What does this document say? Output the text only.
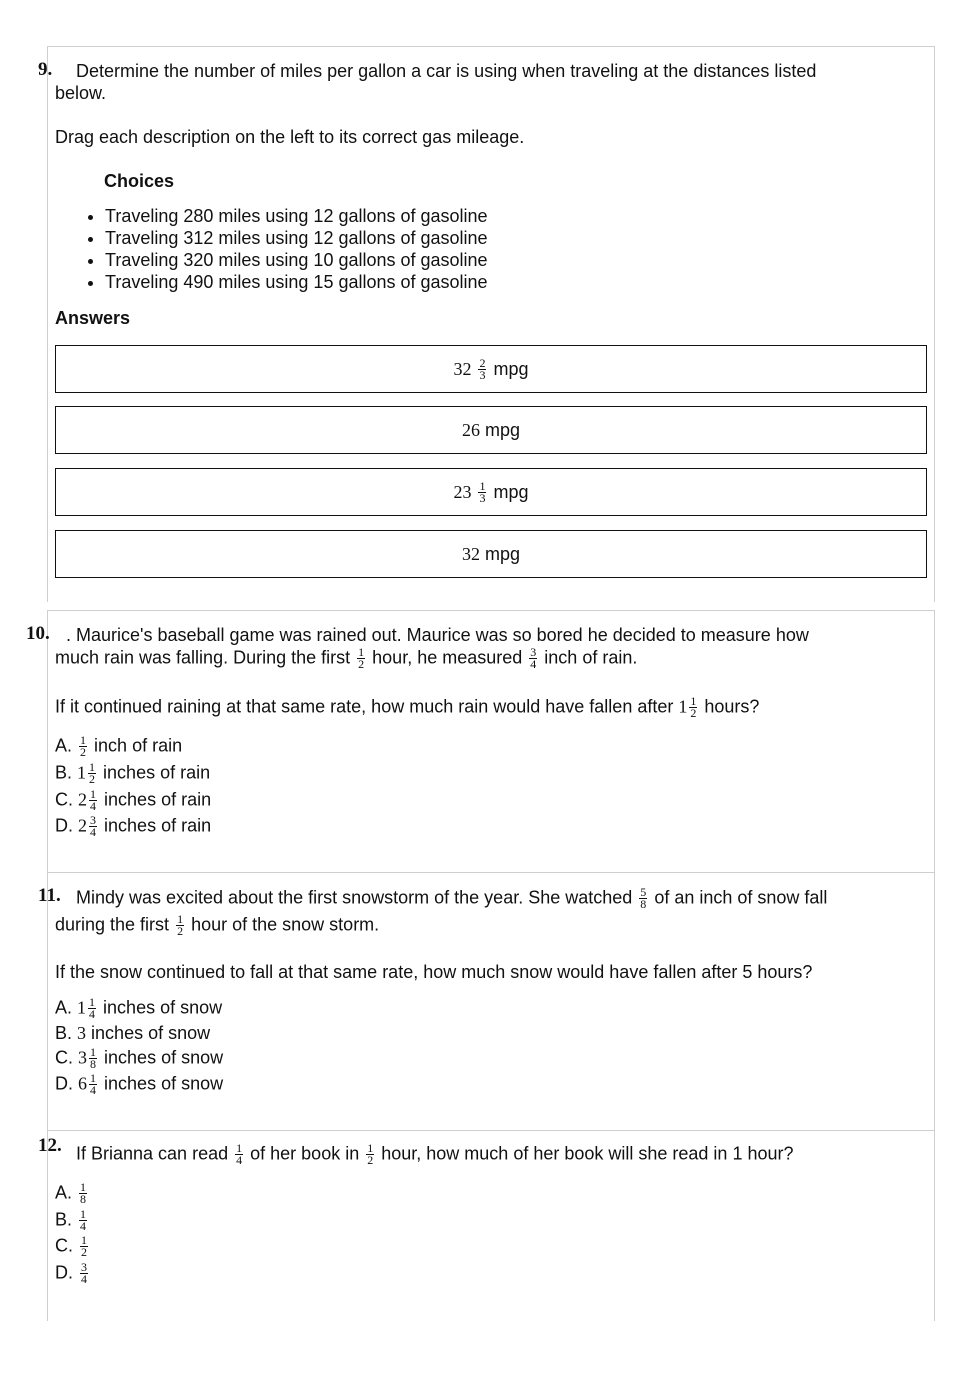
9. Determine the number of miles per gallon a car is using when traveling at the distances listed
below.
Drag each description on the left to its correct gas mileage.
Choices
• Traveling 280 miles using 12 gallons of gasoline
• Traveling 312 miles using 12 gallons of gasoline
• Traveling 320 miles using 10 gallons of gasoline
• Traveling 490 miles using 15 gallons of gasoline
Answers
32
2
3
mpg
26
mpg
23
1
3
mpg
32
mpg
10. . Maurice's baseball game was rained out. Maurice was so bored he decided to measure how
much rain was falling. During the first $\frac{1}{2}$ hour, he measured $\frac{3}{4}$ inch of rain.
If it continued raining at that same rate, how much rain would have fallen after $1 \frac{1}{2}$ hours?
A. $\frac{1}{2}$ inch of rain
B. $1 \frac{1}{2}$ inches of rain
C. $2 \frac{1}{4}$ inches of rain
D. $2 \frac{3}{4}$ inches of rain
11. Mindy was excited about the first snowstorm of the year. She watched $\frac{5}{8}$ of an inch of snow fall
during the first $\frac{1}{2}$ hour of the snow storm.
If the snow continued to fall at that same rate, how much snow would have fallen after 5 hours?
A. $1 \frac{1}{4}$ inches of snow
B. 3 inches of snow
C. $3 \frac{1}{8}$ inches of snow
D. $6 \frac{1}{4}$ inches of snow
12. If Brianna can read $\frac{1}{4}$ of her book in $\frac{1}{2}$ hour, how much of her book will she read in 1 hour?
A. $\frac{1}{8}$
B. $\frac{1}{4}$
C. $\frac{1}{2}$
D. $\frac{3}{4}$
